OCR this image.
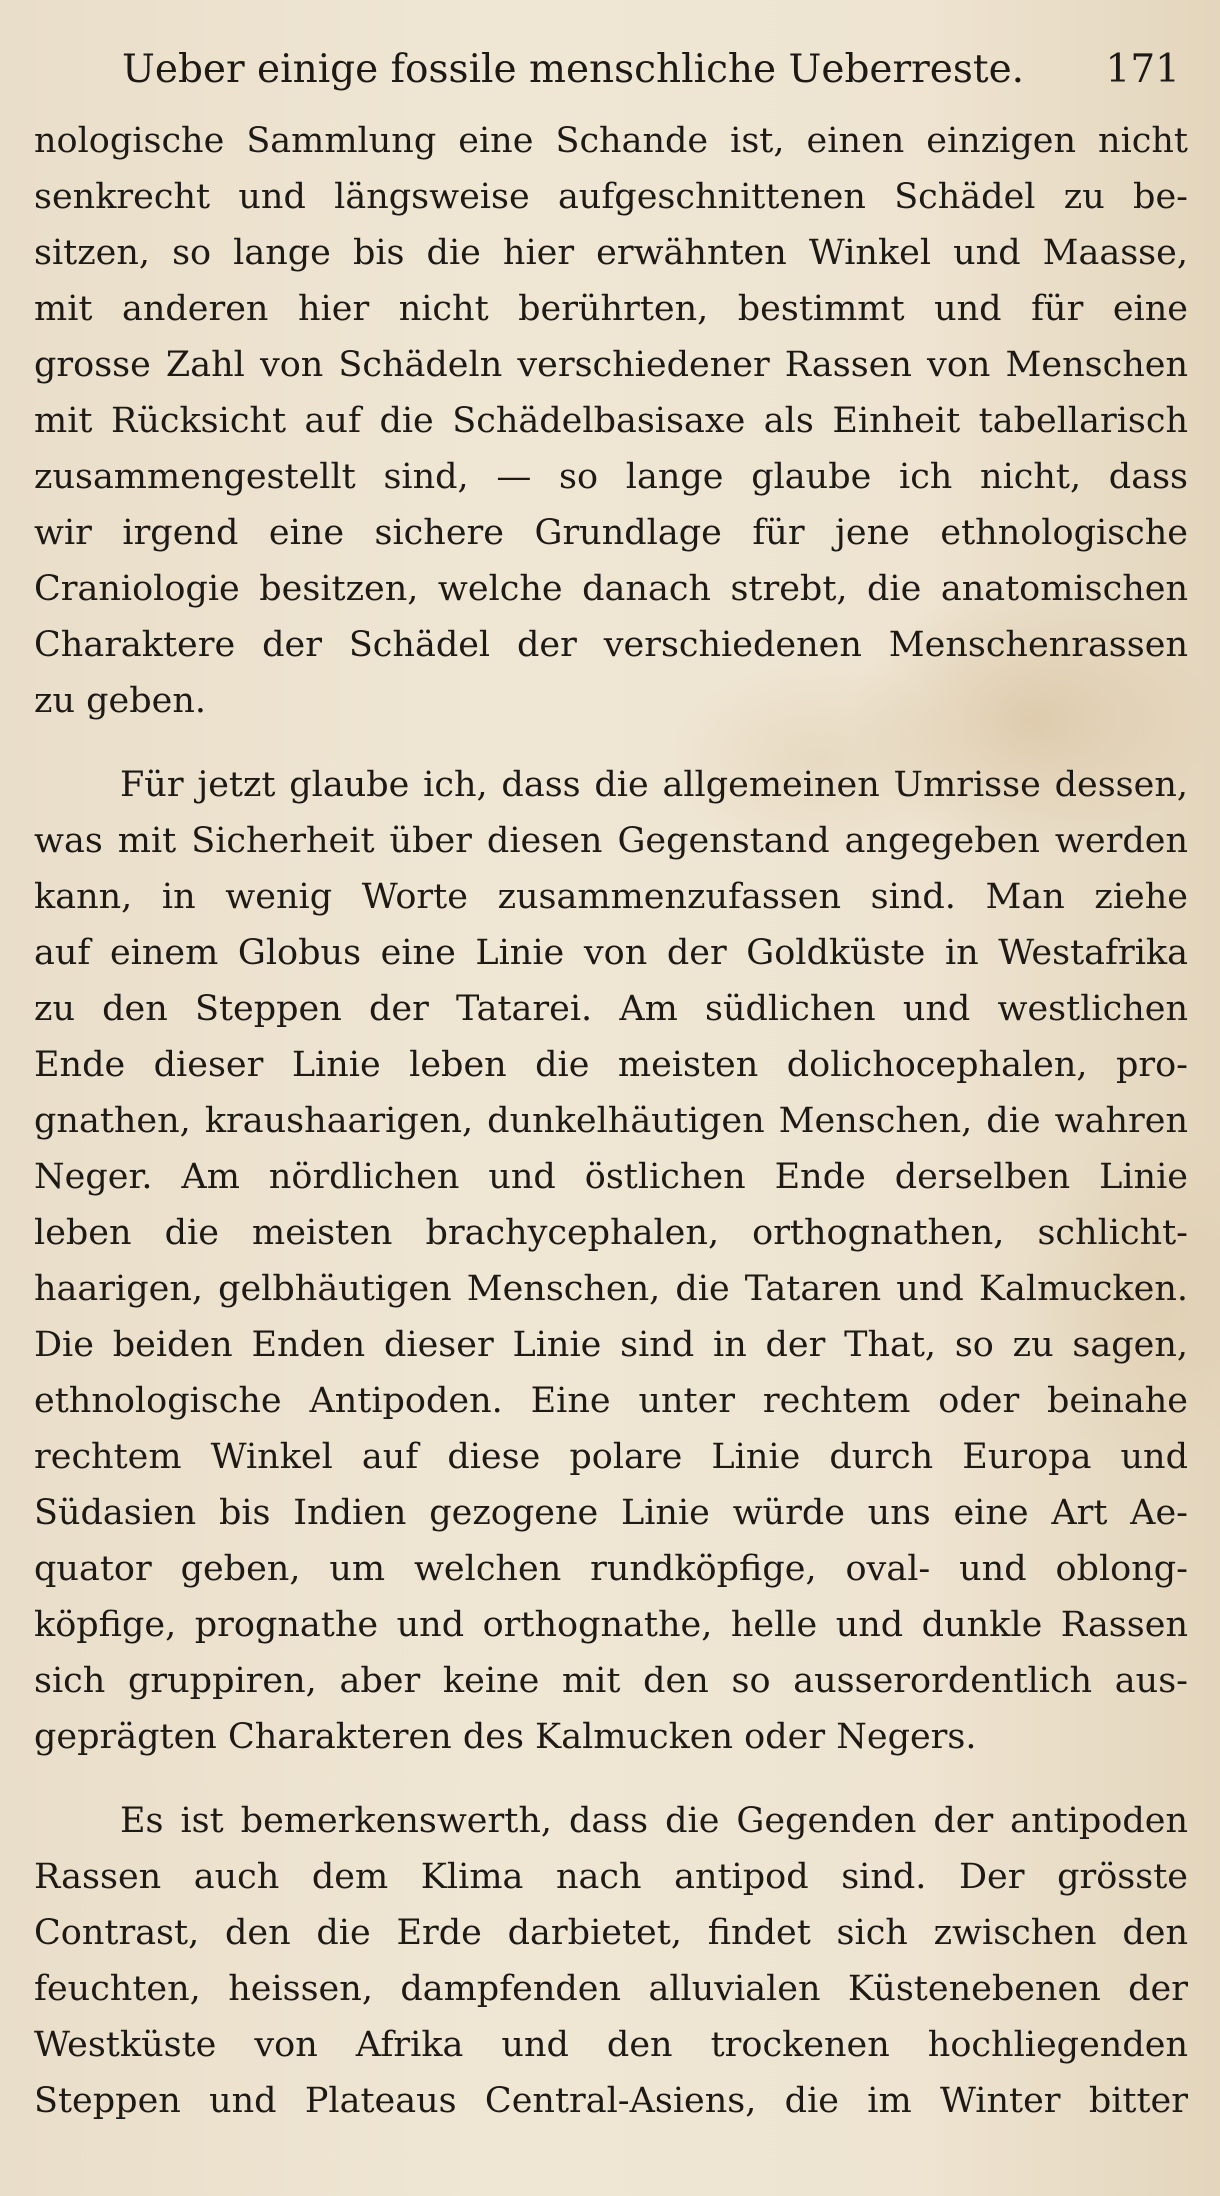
Ueber einige fossile menschliche Ueberreste. 171
nologische Sammlung eine Schande ist, einen einzigen nicht
senkrecht und längsweise aufgeschnittenen Schädel zu be-
sitzen, so lange bis die hier erwähnten Winkel und Maasse,
mit anderen hier nicht berührten, bestimmt und für eine
grosse Zahl von Schädeln verschiedener Rassen von Menschen
mit Rücksicht auf die Schädelbasisaxe als Einheit tabellarisch
zusammengestellt sind, — so lange glaube ich nicht, dass
wir irgend eine sichere Grundlage für jene ethnologische
Craniologie besitzen, welche danach strebt, die anatomischen
Charaktere der Schädel der verschiedenen Menschenrassen
zu geben.
Für jetzt glaube ich, dass die allgemeinen Umrisse dessen,
was mit Sicherheit über diesen Gegenstand angegeben werden
kann, in wenig Worte zusammenzufassen sind. Man ziehe
auf einem Globus eine Linie von der Goldküste in Westafrika
zu den Steppen der Tatarei. Am südlichen und westlichen
Ende dieser Linie leben die meisten dolichocephalen, pro-
gnathen, kraushaarigen, dunkelhäutigen Menschen, die wahren
Neger. Am nördlichen und östlichen Ende derselben Linie
leben die meisten brachycephalen, orthognathen, schlicht-
haarigen, gelbhäutigen Menschen, die Tataren und Kalmucken.
Die beiden Enden dieser Linie sind in der That, so zu sagen,
ethnologische Antipoden. Eine unter rechtem oder beinahe
rechtem Winkel auf diese polare Linie durch Europa und
Südasien bis Indien gezogene Linie würde uns eine Art Ae-
quator geben, um welchen rundköpfige, oval- und oblong-
köpfige, prognathe und orthognathe, helle und dunkle Rassen
sich gruppiren, aber keine mit den so ausserordentlich aus-
geprägten Charakteren des Kalmucken oder Negers.
Es ist bemerkenswerth, dass die Gegenden der antipoden
Rassen auch dem Klima nach antipod sind. Der grösste
Contrast, den die Erde darbietet, findet sich zwischen den
feuchten, heissen, dampfenden alluvialen Küstenebenen der
Westküste von Afrika und den trockenen hochliegenden
Steppen und Plateaus Central-Asiens, die im Winter bitter
